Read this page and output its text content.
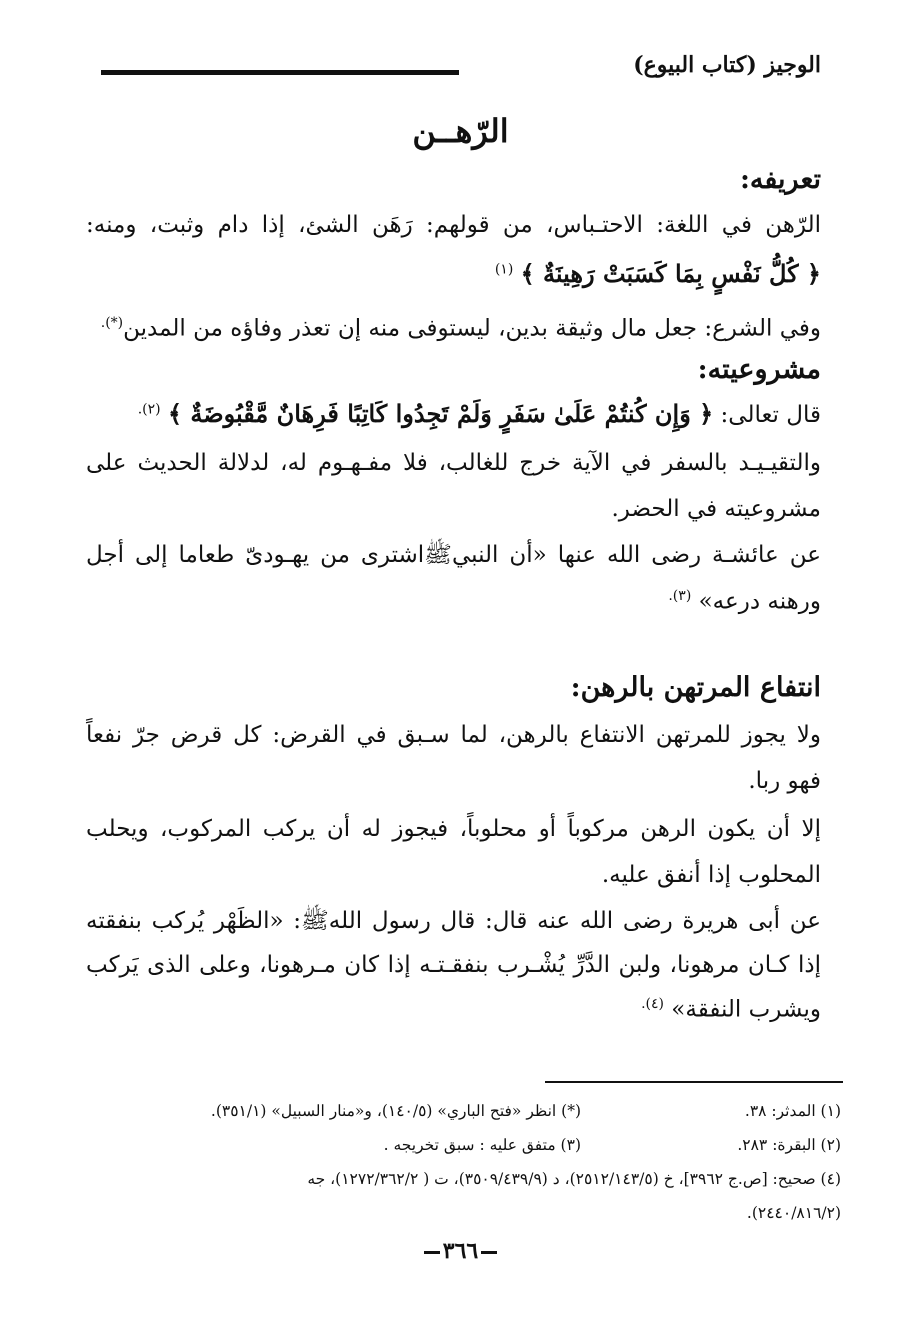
الوجيز (كتاب البيوع)
الرّهــن
تعريفه:
الرّهن في اللغة: الاحتـباس، من قولهم: رَهَن الشئ، إذا دام وثبت، ومنه:
﴿ كُلُّ نَفْسٍ بِمَا كَسَبَتْ رَهِينَةٌ ﴾ $^{(١)}$
وفي الشرع: جعل مال وثيقة بدين، ليستوفى منه إن تعذر وفاؤه من المدين(*).
مشروعيته:
قال تعالى: ﴿ وَإِن كُنتُمْ عَلَىٰ سَفَرٍ وَلَمْ تَجِدُوا كَاتِبًا فَرِهَانٌ مَّقْبُوضَةٌ ﴾ $^{(٢).}$
والتقيـيـد بالسفر في الآية خرج للغالب، فلا مفـهـوم له، لدلالة الحديث على
مشروعيته في الحضر.
عن عائشـة رضى الله عنها «أن النبيﷺاشترى من يهـودىّ طعاما إلى أجل
ورهنه درعه» $^{(٣).}$
انتفاع المرتهن بالرهن:
ولا يجوز للمرتهن الانتفاع بالرهن، لما سـبق في القرض: كل قرض جرّ نفعاً
فهو ربا.
إلا أن يكون الرهن مركوباً أو محلوباً، فيجوز له أن يركب المركوب، ويحلب
المحلوب إذا أنفق عليه.
عن أبى هريرة رضى الله عنه قال: قال رسول اللهﷺ: «الظَهْر يُركب بنفقته
إذا كـان مرهونا، ولبن الدَّرِّ يُشْـرب بنفقـتـه إذا كان مـرهونا، وعلى الذى يَركب
ويشرب النفقة» $^{(٤).}$
(١) المدثر: ٣٨.
(*) انظر «فتح الباري» (١٤٠/٥)، و«منار السبيل» (٣٥١/١).
(٢) البقرة: ٢٨٣.
(٣) متفق عليه : سبق تخريجه .
(٤) صحيح: [ص.ج ٣٩٦٢]، خ (٢٥١٢/١٤٣/٥)، د (٣٥٠٩/٤٣٩/٩)، ت ( ١٢٧٢/٣٦٢/٢)، جه
(٢٤٤٠/٨١٦/٢).
٣٦٦
